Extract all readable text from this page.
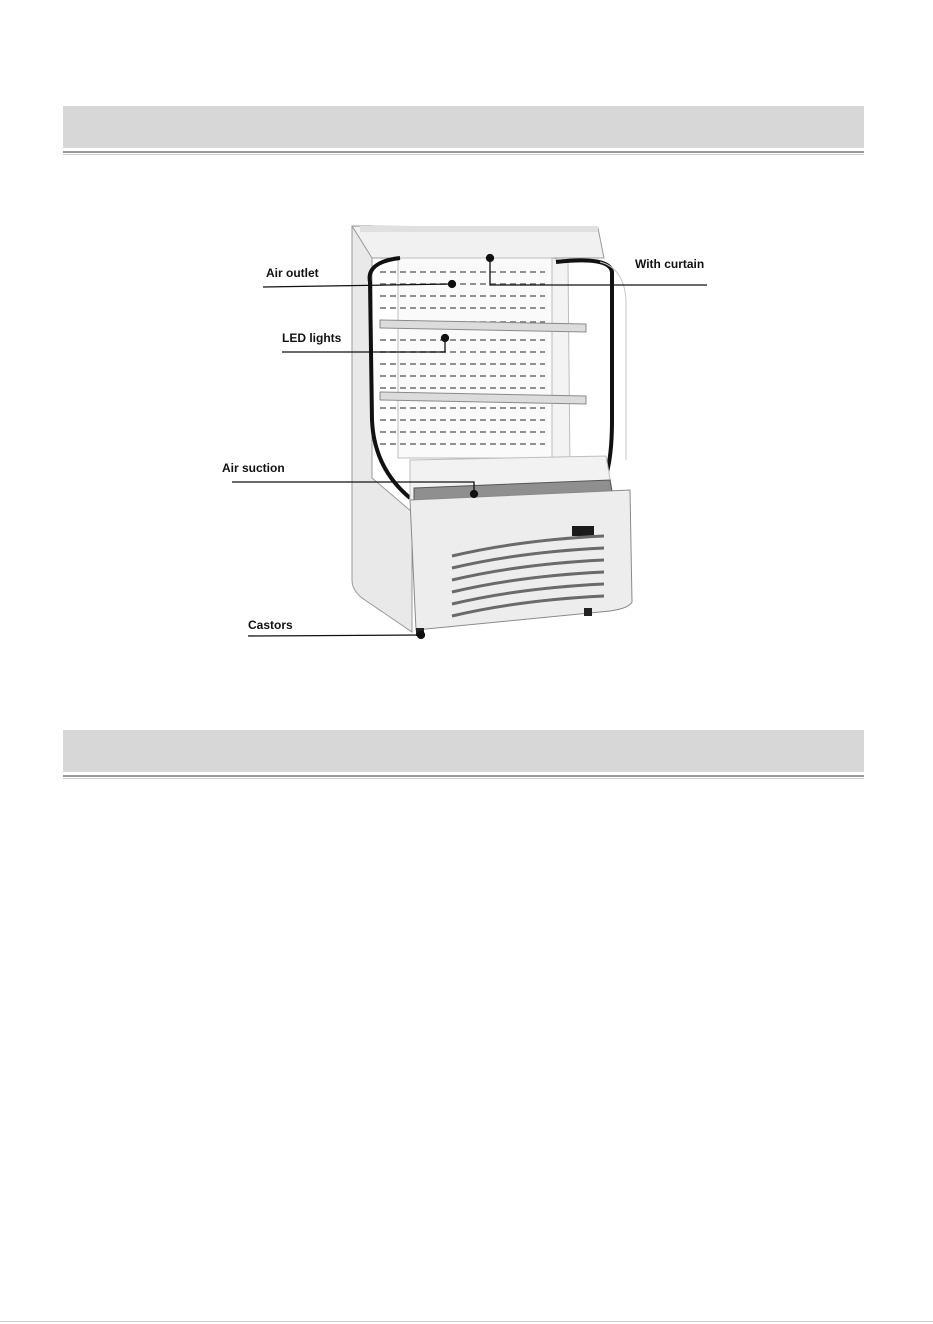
Air outlet
With curtain
LED lights
Air suction
Castors
